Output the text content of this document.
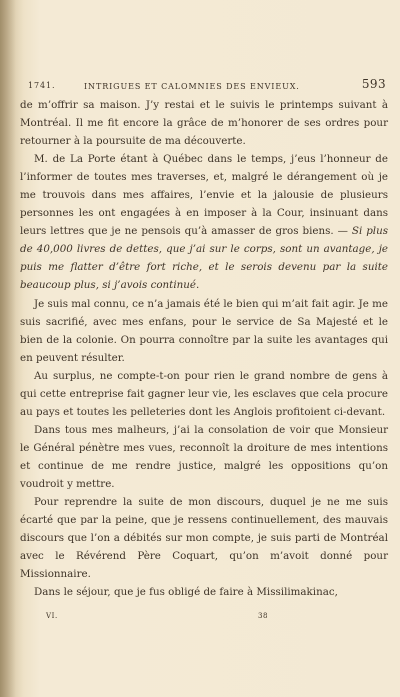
1741.	INTRIGUES ET CALOMNIES DES ENVIEUX.	593

de m’offrir sa maison. J’y restai et le suivis le printemps suivant à Montréal. Il me fit encore la grâce de m’honorer de ses ordres pour retourner à la poursuite de ma découverte.

M. de La Porte étant à Québec dans le temps, j’eus l’honneur de l’informer de toutes mes traverses, et, malgré le dérangement où je me trouvois dans mes affaires, l’envie et la jalousie de plusieurs personnes les ont engagées à en imposer à la Cour, insinuant dans leurs lettres que je ne pensois qu’à amasser de gros biens. — Si plus de 40,000 livres de dettes, que j’ai sur le corps, sont un avantage, je puis me flatter d’être fort riche, et le serois devenu par la suite beaucoup plus, si j’avois continué.

Je suis mal connu, ce n’a jamais été le bien qui m’ait fait agir. Je me suis sacrifié, avec mes enfans, pour le service de Sa Majesté et le bien de la colonie. On pourra connoître par la suite les avantages qui en peuvent résulter.

Au surplus, ne compte-t-on pour rien le grand nombre de gens à qui cette entreprise fait gagner leur vie, les esclaves que cela procure au pays et toutes les pelleteries dont les Anglois profitoient ci-devant.

Dans tous mes malheurs, j’ai la consolation de voir que Monsieur le Général pénètre mes vues, reconnoît la droiture de mes intentions et continue de me rendre justice, malgré les oppositions qu’on voudroit y mettre.

Pour reprendre la suite de mon discours, duquel je ne me suis écarté que par la peine, que je ressens continuellement, des mauvais discours que l’on a débités sur mon compte, je suis parti de Montréal avec le Révérend Père Coquart, qu’on m’avoit donné pour Missionnaire.

Dans le séjour, que je fus obligé de faire à Missilimakinac,

VI.	38
